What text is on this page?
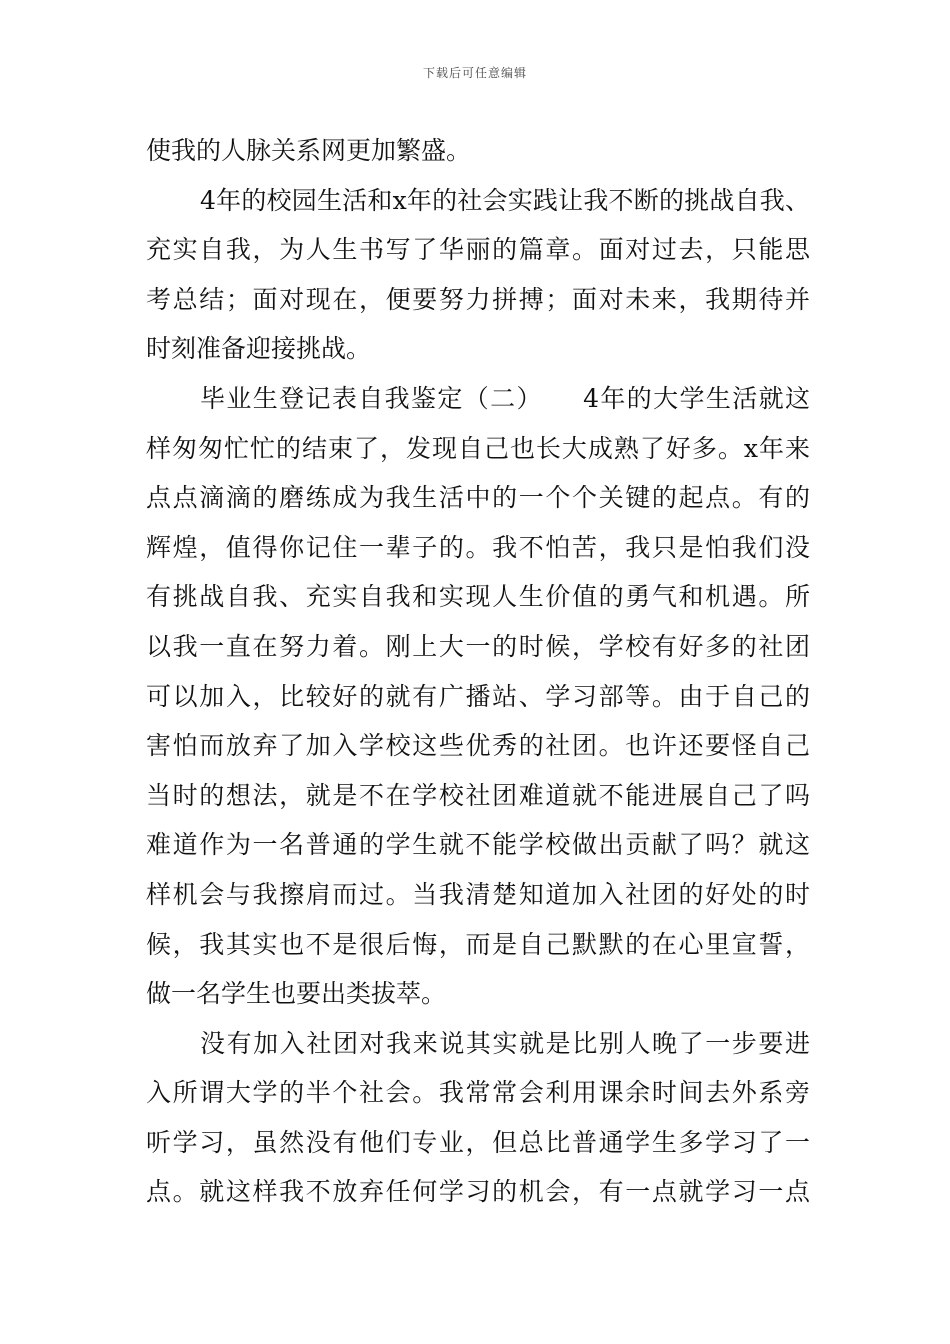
下载后可任意编辑
使我的人脉关系网更加繁盛。
4年的校园生活和x年的社会实践让我不断的挑战自我、
充实自我，为人生书写了华丽的篇章。面对过去，只能思
考总结；面对现在，便要努力拼搏；面对未来，我期待并
时刻准备迎接挑战。
毕业生登记表自我鉴定（二）　　4年的大学生活就这
样匆匆忙忙的结束了，发现自己也长大成熟了好多。x年来
点点滴滴的磨练成为我生活中的一个个关键的起点。有的
辉煌，值得你记住一辈子的。我不怕苦，我只是怕我们没
有挑战自我、充实自我和实现人生价值的勇气和机遇。所
以我一直在努力着。刚上大一的时候，学校有好多的社团
可以加入，比较好的就有广播站、学习部等。由于自己的
害怕而放弃了加入学校这些优秀的社团。也许还要怪自己
当时的想法，就是不在学校社团难道就不能进展自己了吗
难道作为一名普通的学生就不能学校做出贡献了吗？就这
样机会与我擦肩而过。当我清楚知道加入社团的好处的时
候，我其实也不是很后悔，而是自己默默的在心里宣誓，
做一名学生也要出类拔萃。
没有加入社团对我来说其实就是比别人晚了一步要进
入所谓大学的半个社会。我常常会利用课余时间去外系旁
听学习，虽然没有他们专业，但总比普通学生多学习了一
点。就这样我不放弃任何学习的机会，有一点就学习一点
